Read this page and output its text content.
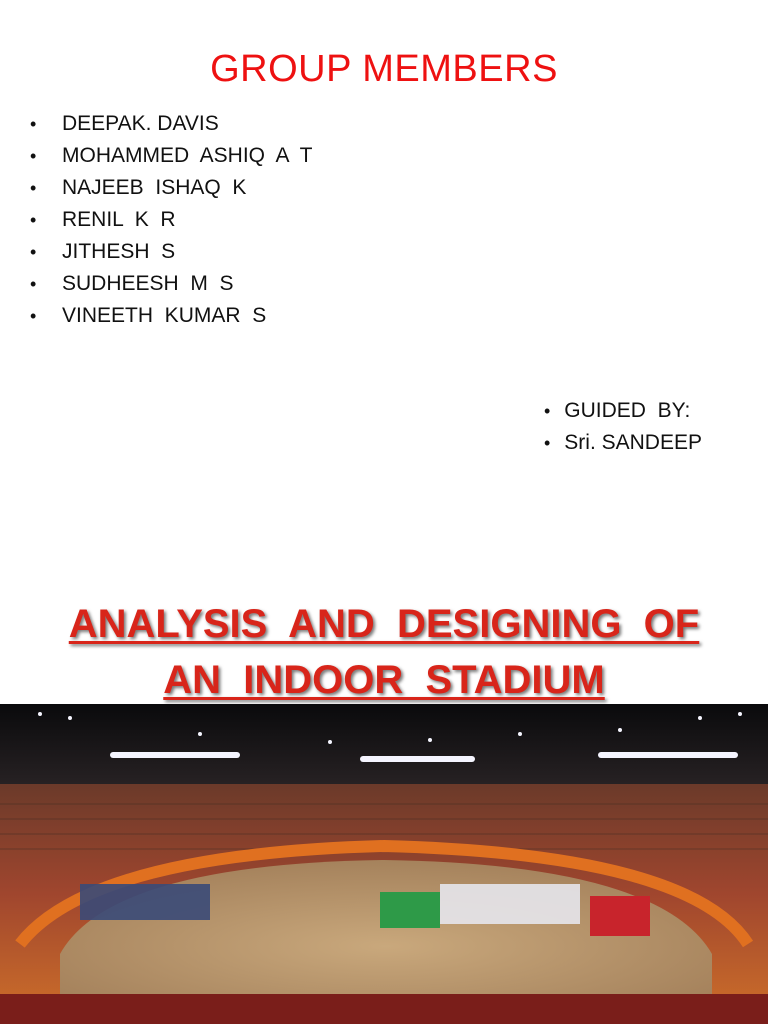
GROUP MEMBERS
•	DEEPAK. DAVIS
•	MOHAMMED  ASHIQ  A  T
•	NAJEEB  ISHAQ  K
•	RENIL  K  R
•	JITHESH  S
•	SUDHEESH  M  S
•	VINEETH  KUMAR  S
• GUIDED  BY:
• Sri. SANDEEP
ANALYSIS  AND  DESIGNING  OF
AN  INDOOR  STADIUM
